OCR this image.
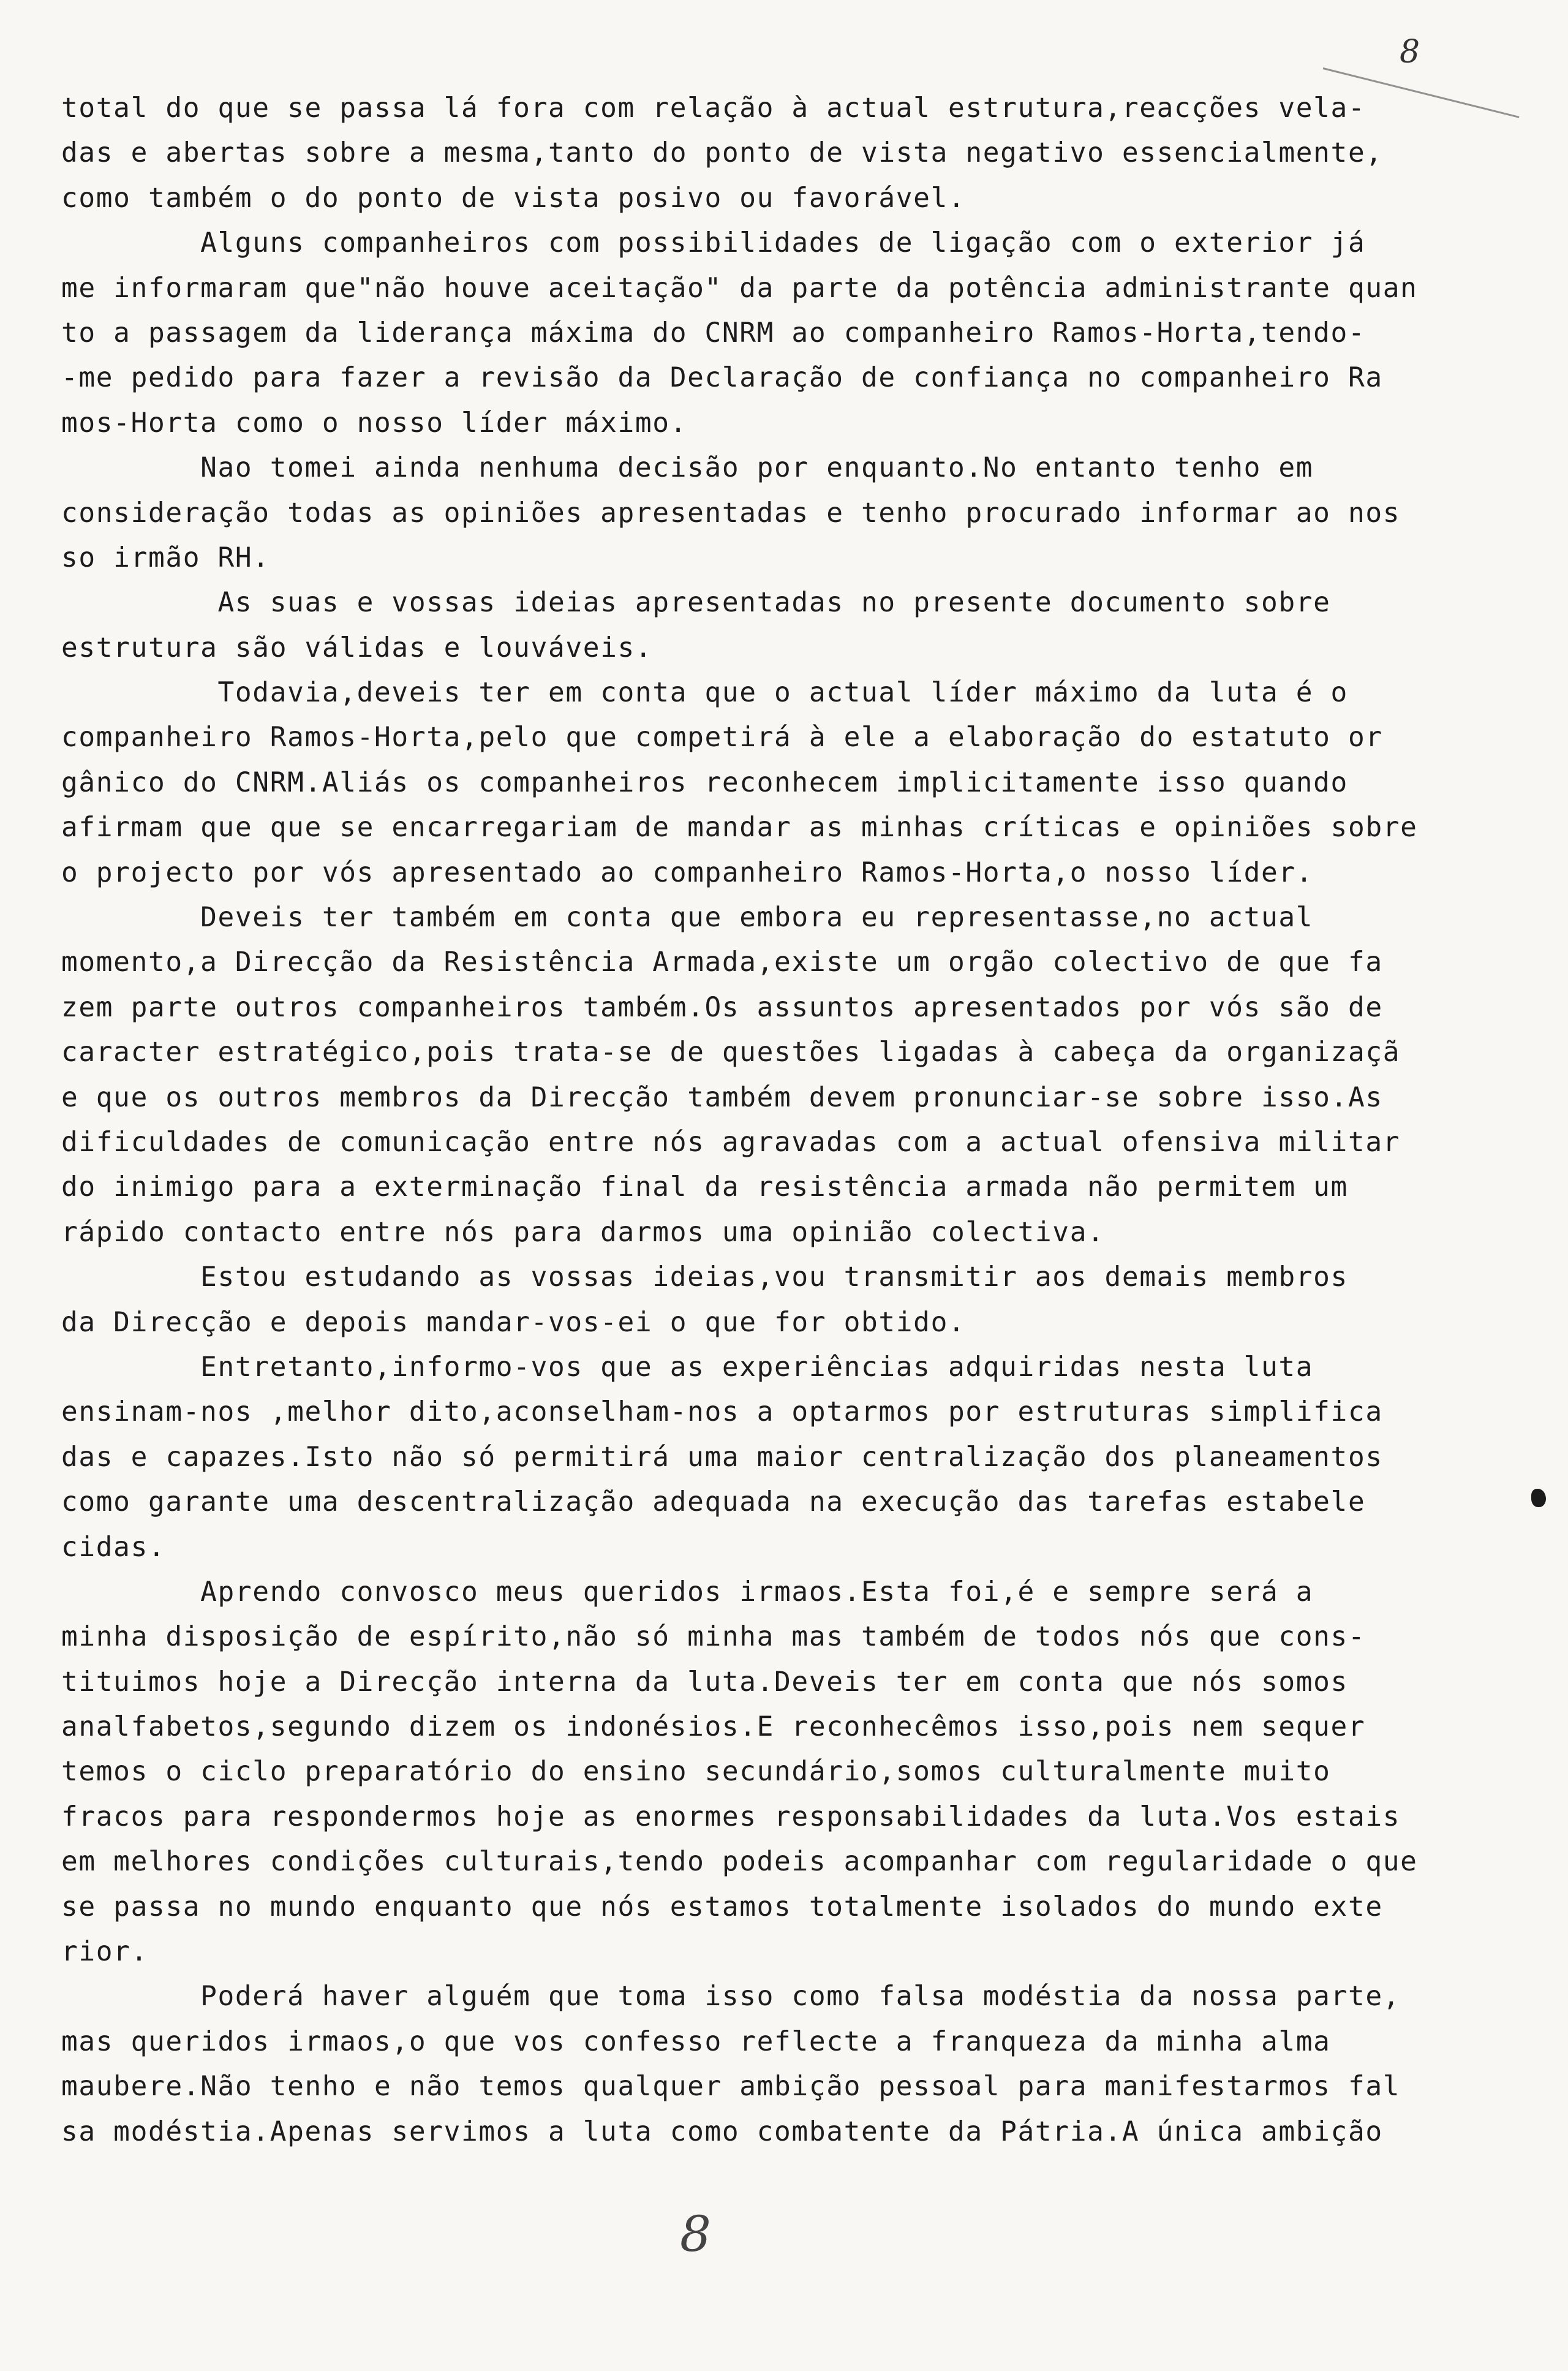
8
total do que se passa lá fora com relação à actual estrutura,reacções vela-
das e abertas sobre a mesma,tanto do ponto de vista negativo essencialmente,
como também o do ponto de vista posivo ou favorável.
Alguns companheiros com possibilidades de ligação com o exterior já
me informaram que"não houve aceitação" da parte da potência administrante quan
to a passagem da liderança máxima do CNRM ao companheiro Ramos-Horta,tendo-
-me pedido para fazer a revisão da Declaração de confiança no companheiro Ra
mos-Horta como o nosso líder máximo.
Nao tomei ainda nenhuma decisão por enquanto.No entanto tenho em
consideração todas as opiniões apresentadas e tenho procurado informar ao nos
so irmão RH.
As suas e vossas ideias apresentadas no presente documento sobre
estrutura são válidas e louváveis.
Todavia,deveis ter em conta que o actual líder máximo da luta é o
companheiro Ramos-Horta,pelo que competirá à ele a elaboração do estatuto or
gânico do CNRM.Aliás os companheiros reconhecem implicitamente isso quando
afirmam que que se encarregariam de mandar as minhas críticas e opiniões sobre
o projecto por vós apresentado ao companheiro Ramos-Horta,o nosso líder.
Deveis ter também em conta que embora eu representasse,no actual
momento,a Direcção da Resistência Armada,existe um orgão colectivo de que fa
zem parte outros companheiros também.Os assuntos apresentados por vós são de
caracter estratégico,pois trata-se de questões ligadas à cabeça da organizaçã
e que os outros membros da Direcção também devem pronunciar-se sobre isso.As
dificuldades de comunicação entre nós agravadas com a actual ofensiva militar
do inimigo para a exterminação final da resistência armada não permitem um
rápido contacto entre nós para darmos uma opinião colectiva.
Estou estudando as vossas ideias,vou transmitir aos demais membros
da Direcção e depois mandar-vos-ei o que for obtido.
Entretanto,informo-vos que as experiências adquiridas nesta luta
ensinam-nos ,melhor dito,aconselham-nos a optarmos por estruturas simplifica
das e capazes.Isto não só permitirá uma maior centralização dos planeamentos
como garante uma descentralização adequada na execução das tarefas estabele
cidas.
Aprendo convosco meus queridos irmaos.Esta foi,é e sempre será a
minha disposição de espírito,não só minha mas também de todos nós que cons-
tituimos hoje a Direcção interna da luta.Deveis ter em conta que nós somos
analfabetos,segundo dizem os indonésios.E reconhecêmos isso,pois nem sequer
temos o ciclo preparatório do ensino secundário,somos culturalmente muito
fracos para respondermos hoje as enormes responsabilidades da luta.Vos estais
em melhores condições culturais,tendo podeis acompanhar com regularidade o que
se passa no mundo enquanto que nós estamos totalmente isolados do mundo exte
rior.
Poderá haver alguém que toma isso como falsa modéstia da nossa parte,
mas queridos irmaos,o que vos confesso reflecte a franqueza da minha alma
maubere.Não tenho e não temos qualquer ambição pessoal para manifestarmos fal
sa modéstia.Apenas servimos a luta como combatente da Pátria.A única ambição
8
